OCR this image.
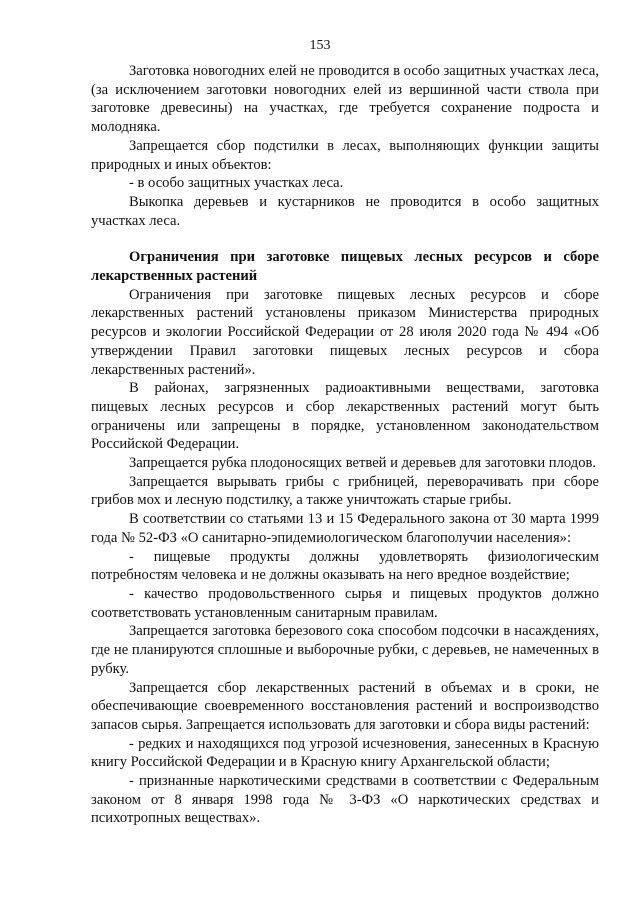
153

Заготовка новогодних елей не проводится в особо защитных участках леса, (за исключением заготовки новогодних елей из вершинной части ствола при заготовке древесины) на участках, где требуется сохранение подроста и молодняка.

Запрещается сбор подстилки в лесах, выполняющих функции защиты природных и иных объектов:

- в особо защитных участках леса.

Выкопка деревьев и кустарников не проводится в особо защитных участках леса.

Ограничения при заготовке пищевых лесных ресурсов и сборе лекарственных растений

Ограничения при заготовке пищевых лесных ресурсов и сборе лекарственных растений установлены приказом Министерства природных ресурсов и экологии Российской Федерации от 28 июля 2020 года № 494 «Об утверждении Правил заготовки пищевых лесных ресурсов и сбора лекарственных растений».

В районах, загрязненных радиоактивными веществами, заготовка пищевых лесных ресурсов и сбор лекарственных растений могут быть ограничены или запрещены в порядке, установленном законодательством Российской Федерации.

Запрещается рубка плодоносящих ветвей и деревьев для заготовки плодов.

Запрещается вырывать грибы с грибницей, переворачивать при сборе грибов мох и лесную подстилку, а также уничтожать старые грибы.

В соответствии со статьями 13 и 15 Федерального закона от 30 марта 1999 года № 52-ФЗ «О санитарно-эпидемиологическом благополучии населения»:

- пищевые продукты должны удовлетворять физиологическим потребностям человека и не должны оказывать на него вредное воздействие;

- качество продовольственного сырья и пищевых продуктов должно соответствовать установленным санитарным правилам.

Запрещается заготовка березового сока способом подсочки в насаждениях, где не планируются сплошные и выборочные рубки, с деревьев, не намеченных в рубку.

Запрещается сбор лекарственных растений в объемах и в сроки, не обеспечивающие своевременного восстановления растений и воспроизводство запасов сырья. Запрещается использовать для заготовки и сбора виды растений:

- редких и находящихся под угрозой исчезновения, занесенных в Красную книгу Российской Федерации и в Красную книгу Архангельской области;

- признанные наркотическими средствами в соответствии с Федеральным законом от 8 января 1998 года № 3-ФЗ «О наркотических средствах и психотропных веществах».
